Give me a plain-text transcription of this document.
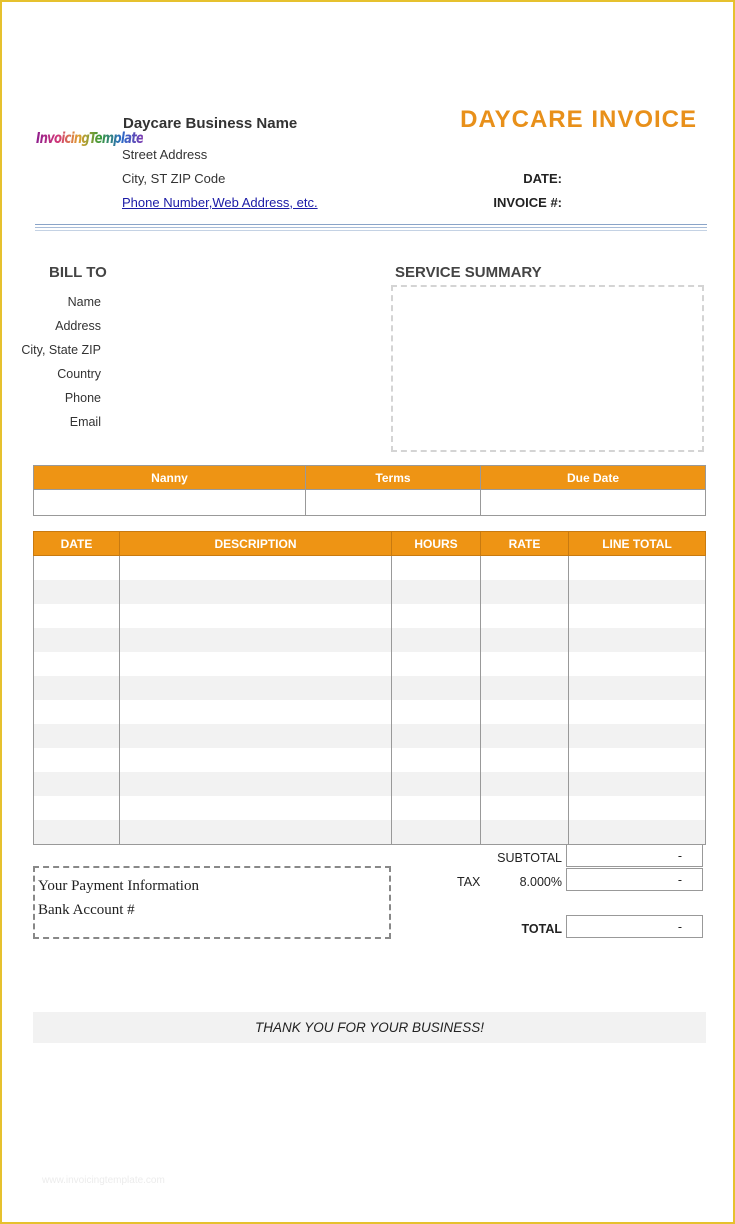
InvoicingTemplate
Daycare Business Name
Street Address
City, ST ZIP Code
Phone Number,Web Address, etc.
DAYCARE INVOICE
DATE:
INVOICE #:
BILL TO
Name
Address
City, State ZIP
Country
Phone
Email
SERVICE SUMMARY
Nanny	Terms	Due Date

DATE	DESCRIPTION	HOURS	RATE	LINE TOTAL

SUBTOTAL	-
TAX	8.000%	-
TOTAL	-
Your Payment Information
Bank Account #
THANK YOU FOR YOUR BUSINESS!
www.invoicingtemplate.com
